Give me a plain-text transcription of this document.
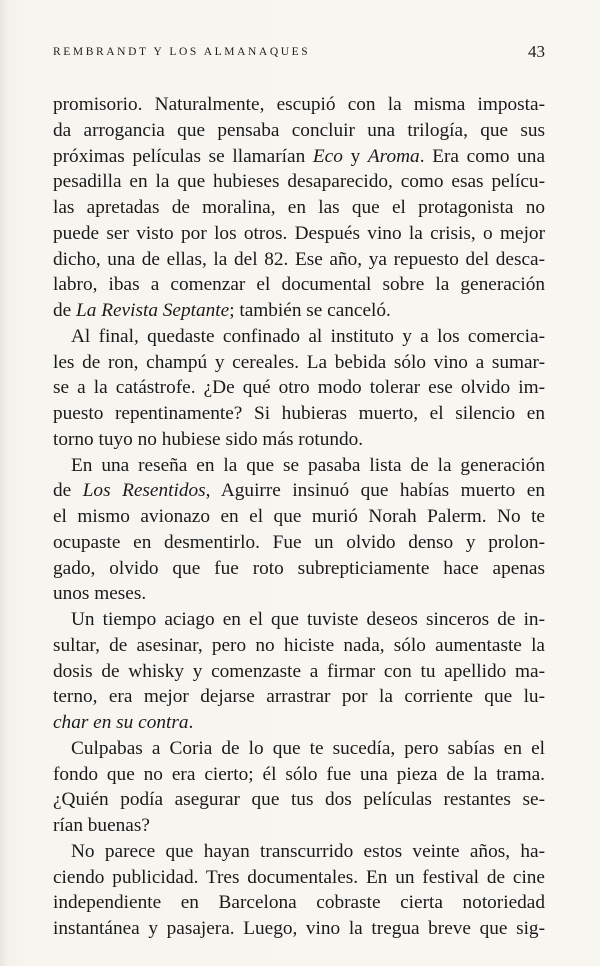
REMBRANDT Y LOS ALMANAQUES	43
promisorio. Naturalmente, escupió con la misma imposta-
da arrogancia que pensaba concluir una trilogía, que sus
próximas películas se llamarían Eco y Aroma. Era como una
pesadilla en la que hubieses desaparecido, como esas pelícu-
las apretadas de moralina, en las que el protagonista no
puede ser visto por los otros. Después vino la crisis, o mejor
dicho, una de ellas, la del 82. Ese año, ya repuesto del desca-
labro, ibas a comenzar el documental sobre la generación
de La Revista Septante; también se canceló.
Al final, quedaste confinado al instituto y a los comercia-
les de ron, champú y cereales. La bebida sólo vino a sumar-
se a la catástrofe. ¿De qué otro modo tolerar ese olvido im-
puesto repentinamente? Si hubieras muerto, el silencio en
torno tuyo no hubiese sido más rotundo.
En una reseña en la que se pasaba lista de la generación
de Los Resentidos, Aguirre insinuó que habías muerto en
el mismo avionazo en el que murió Norah Palerm. No te
ocupaste en desmentirlo. Fue un olvido denso y prolon-
gado, olvido que fue roto subrepticiamente hace apenas
unos meses.
Un tiempo aciago en el que tuviste deseos sinceros de in-
sultar, de asesinar, pero no hiciste nada, sólo aumentaste la
dosis de whisky y comenzaste a firmar con tu apellido ma-
terno, era mejor dejarse arrastrar por la corriente que lu-
char en su contra.
Culpabas a Coria de lo que te sucedía, pero sabías en el
fondo que no era cierto; él sólo fue una pieza de la trama.
¿Quién podía asegurar que tus dos películas restantes se-
rían buenas?
No parece que hayan transcurrido estos veinte años, ha-
ciendo publicidad. Tres documentales. En un festival de cine
independiente en Barcelona cobraste cierta notoriedad
instantánea y pasajera. Luego, vino la tregua breve que sig-
